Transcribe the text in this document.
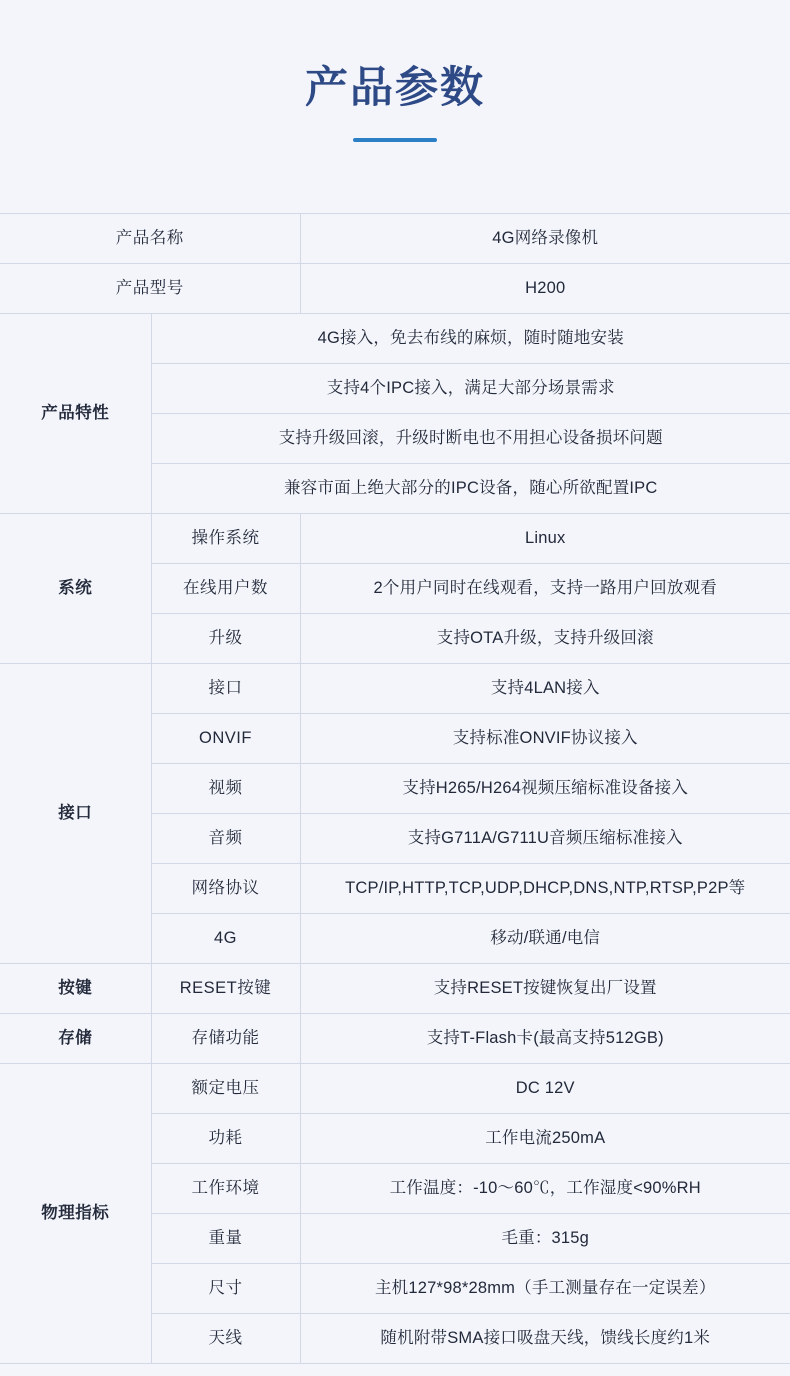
产品参数
产品名称		4G网络录像机
产品型号		H200
产品特性	4G接入，免去布线的麻烦，随时随地安装	
	支持4个IPC接入，满足大部分场景需求	
	支持升级回滚，升级时断电也不用担心设备损坏问题	
	兼容市面上绝大部分的IPC设备，随心所欲配置IPC	
系统	操作系统	Linux
	在线用户数	2个用户同时在线观看，支持一路用户回放观看
	升级	支持OTA升级，支持升级回滚
接口	接口	支持4LAN接入
	ONVIF	支持标准ONVIF协议接入
	视频	支持H265/H264视频压缩标准设备接入
	音频	支持G711A/G711U音频压缩标准接入
	网络协议	TCP/IP,HTTP,TCP,UDP,DHCP,DNS,NTP,RTSP,P2P等
	4G	移动/联通/电信
按键	RESET按键	支持RESET按键恢复出厂设置
存储	存储功能	支持T-Flash卡(最高支持512GB)
物理指标	额定电压	DC 12V
	功耗	工作电流250mA
	工作环境	工作温度：-10～60℃，工作湿度<90%RH
	重量	毛重：315g
	尺寸	主机127*98*28mm（手工测量存在一定误差）
	天线	随机附带SMA接口吸盘天线，馈线长度约1米
